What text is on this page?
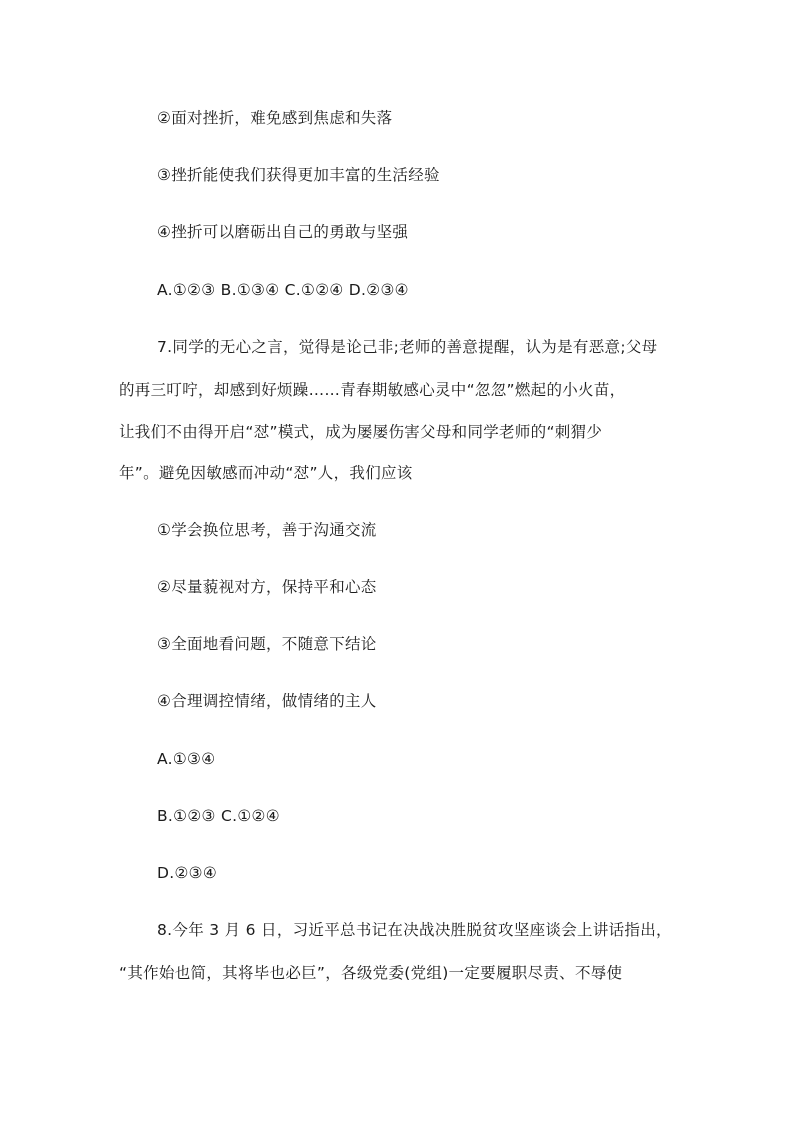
②面对挫折，难免感到焦虑和失落
③挫折能使我们获得更加丰富的生活经验
④挫折可以磨砺出自己的勇敢与坚强
A.①②③ B.①③④ C.①②④ D.②③④
7.同学的无心之言，觉得是论己非;老师的善意提醒，认为是有恶意;父母
的再三叮咛，却感到好烦躁……青春期敏感心灵中“忽忽”燃起的小火苗，
让我们不由得开启“怼”模式，成为屡屡伤害父母和同学老师的“刺猬少
年”。避免因敏感而冲动“怼”人，我们应该
①学会换位思考，善于沟通交流
②尽量藐视对方，保持平和心态
③全面地看问题，不随意下结论
④合理调控情绪，做情绪的主人
A.①③④
B.①②③ C.①②④
D.②③④
8.今年 3 月 6 日，习近平总书记在决战决胜脱贫攻坚座谈会上讲话指出，
“其作始也简，其将毕也必巨”，各级党委(党组)一定要履职尽责、不辱使
